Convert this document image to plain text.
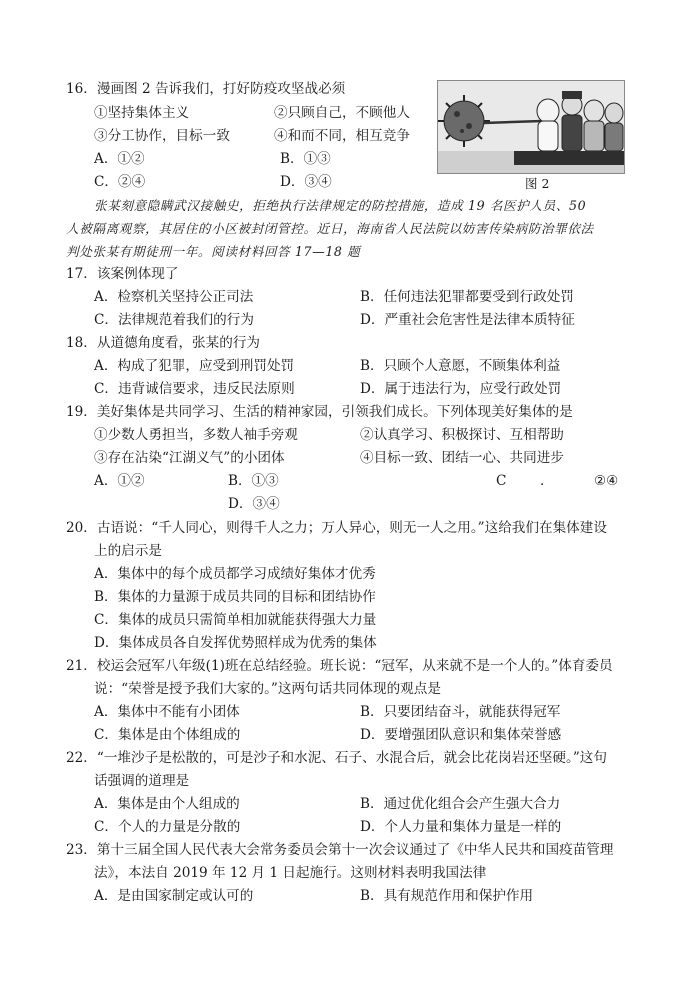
16．漫画图 2 告诉我们，打好防疫攻坚战必须
①坚持集体主义	②只顾自己，不顾他人
③分工协作，目标一致	④和而不同，相互竞争
A．①②	B．①③
C．②④	D．③④	图 2
张某刻意隐瞒武汉接触史，拒绝执行法律规定的防控措施，造成 19 名医护人员、50
人被隔离观察，其居住的小区被封闭管控。近日，海南省人民法院以妨害传染病防治罪依法
判处张某有期徒刑一年。阅读材料回答 17—18 题
17．该案例体现了
A．检察机关坚持公正司法	B．任何违法犯罪都要受到行政处罚
C．法律规范着我们的行为	D．严重社会危害性是法律本质特征
18．从道德角度看，张某的行为
A．构成了犯罪，应受到刑罚处罚	B．只顾个人意愿，不顾集体利益
C．违背诚信要求，违反民法原则	D．属于违法行为，应受行政处罚
19．美好集体是共同学习、生活的精神家园，引领我们成长。下列体现美好集体的是
①少数人勇担当，多数人袖手旁观	②认真学习、积极探讨、互相帮助
③存在沾染“江湖义气”的小团体	④目标一致、团结一心、共同进步
A．①②	B．①③	C ．	②④
D．③④
20．古语说：“千人同心，则得千人之力；万人异心，则无一人之用。”这给我们在集体建设
上的启示是
A．集体中的每个成员都学习成绩好集体才优秀
B．集体的力量源于成员共同的目标和团结协作
C．集体的成员只需简单相加就能获得强大力量
D．集体成员各自发挥优势照样成为优秀的集体
21．校运会冠军八年级(1)班在总结经验。班长说：“冠军，从来就不是一个人的。”体育委员
说：“荣誉是授予我们大家的。”这两句话共同体现的观点是
A．集体中不能有小团体	B．只要团结奋斗，就能获得冠军
C．集体是由个体组成的	D．要增强团队意识和集体荣誉感
22．“一堆沙子是松散的，可是沙子和水泥、石子、水混合后，就会比花岗岩还坚硬。”这句
话强调的道理是
A．集体是由个人组成的	B．通过优化组合会产生强大合力
C．个人的力量是分散的	D．个人力量和集体力量是一样的
23．第十三届全国人民代表大会常务委员会第十一次会议通过了《中华人民共和国疫苗管理
法》，本法自 2019 年 12 月 1 日起施行。这则材料表明我国法律
A．是由国家制定或认可的	B．具有规范作用和保护作用
